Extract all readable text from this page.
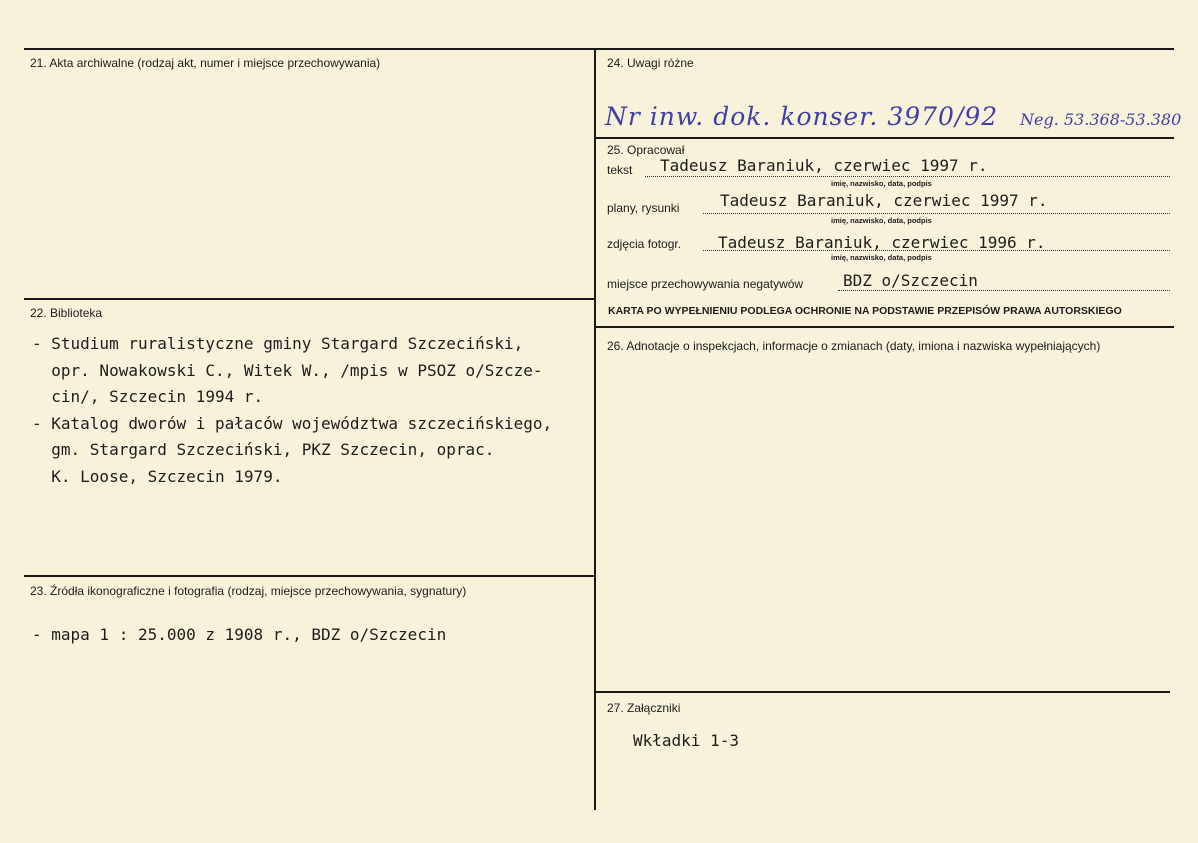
21. Akta archiwalne (rodzaj akt, numer i miejsce przechowywania)
22. Biblioteka
- Studium ruralistyczne gminy Stargard Szczeciński,
opr. Nowakowski C., Witek W., /mpis w PSOZ o/Szcze-
cin/, Szczecin 1994 r.
- Katalog dworów i pałaców województwa szczecińskiego,
gm. Stargard Szczeciński, PKZ Szczecin, oprac.
K. Loose, Szczecin 1979.
23. Źródła ikonograficzne i fotografia (rodzaj, miejsce przechowywania, sygnatury)
- mapa 1 : 25.000 z 1908 r., BDZ o/Szczecin
24. Uwagi różne
Nr inw. dok. konser. 3970/92 Neg. 53.368-53.380
25. Opracował
tekst Tadeusz Baraniuk, czerwiec 1997 r.
imię, nazwisko, data, podpis
plany, rysunki	Tadeusz Baraniuk, czerwiec 1997 r.
imię, nazwisko, data, podpis
zdjęcia fotogr. Tadeusz Baraniuk, czerwiec 1996 r.
imię, nazwisko, data, podpis
miejsce przechowywania negatywów BDZ o/Szczecin
KARTA PO WYPEŁNIENIU PODLEGA OCHRONIE NA PODSTAWIE PRZEPISÓW PRAWA AUTORSKIEGO
26. Adnotacje o inspekcjach, informacje o zmianach (daty, imiona i nazwiska wypełniających)
27. Załączniki
Wkładki 1-3
